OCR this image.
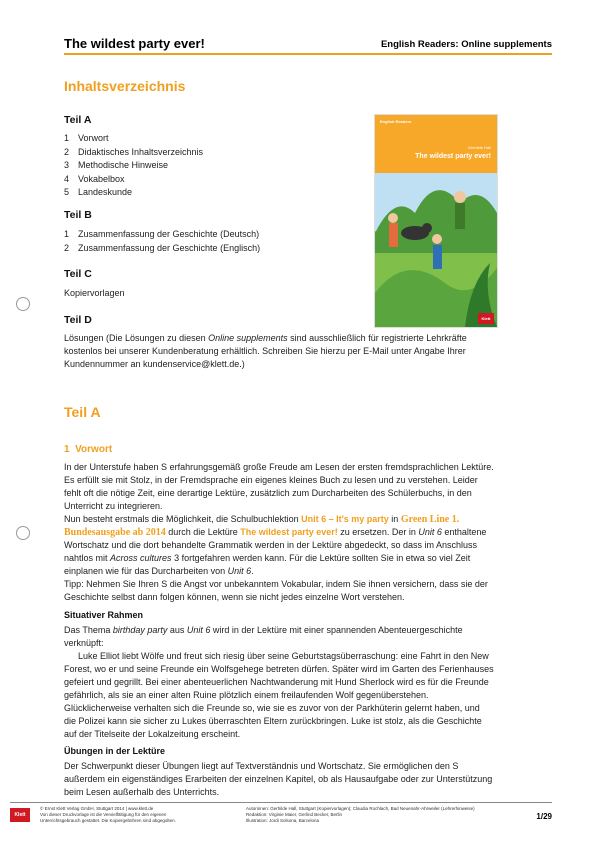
The wildest party ever!	English Readers: Online supplements
Inhaltsverzeichnis
Teil A
1 Vorwort
2 Didaktisches Inhaltsverzeichnis
3 Methodische Hinweise
4 Vokabelbox
5 Landeskunde
Teil B
1 Zusammenfassung der Geschichte (Deutsch)
2 Zusammenfassung der Geschichte (Englisch)
Teil C
Kopiervorlagen
Teil D
Lösungen (Die Lösungen zu diesen Online supplements sind ausschließlich für registrierte Lehrkräfte kostenlos bei unserer Kundenberatung erhältlich. Schreiben Sie hierzu per E-Mail unter Angabe Ihrer Kundennummer an kundenservice@klett.de.)
English Readers
Gerhilde Hall
The wildest party ever!
Klett
Teil A
1 Vorwort
In der Unterstufe haben S erfahrungsgemäß große Freude am Lesen der ersten fremdsprachlichen Lektüre. Es erfüllt sie mit Stolz, in der Fremdsprache ein eigenes kleines Buch zu lesen und zu verstehen. Leider fehlt oft die nötige Zeit, eine derartige Lektüre, zusätzlich zum Durcharbeiten des Schülerbuchs, in den Unterricht zu integrieren.
Nun besteht erstmals die Möglichkeit, die Schulbuchlektion Unit 6 – It's my party in Green Line 1. Bundesausgabe ab 2014 durch die Lektüre The wildest party ever! zu ersetzen. Der in Unit 6 enthaltene Wortschatz und die dort behandelte Grammatik werden in der Lektüre abgedeckt, so dass im Anschluss nahtlos mit Across cultures 3 fortgefahren werden kann. Für die Lektüre sollten Sie in etwa so viel Zeit einplanen wie für das Durcharbeiten von Unit 6.
Tipp: Nehmen Sie Ihren S die Angst vor unbekanntem Vokabular, indem Sie ihnen versichern, dass sie der Geschichte selbst dann folgen können, wenn sie nicht jedes einzelne Wort verstehen.
Situativer Rahmen
Das Thema birthday party aus Unit 6 wird in der Lektüre mit einer spannenden Abenteuergeschichte verknüpft:
Luke Elliot liebt Wölfe und freut sich riesig über seine Geburtstagsüberraschung: eine Fahrt in den New Forest, wo er und seine Freunde ein Wolfsgehege betreten dürfen. Später wird im Garten des Ferienhauses gefeiert und gegrillt. Bei einer abenteuerlichen Nachtwanderung mit Hund Sherlock wird es für die Freunde gefährlich, als sie an einer alten Ruine plötzlich einem freilaufenden Wolf gegenüberstehen. Glücklicherweise verhalten sich die Freunde so, wie sie es zuvor von der Parkhüterin gelernt haben, und die Polizei kann sie sicher zu Lukes überraschten Eltern zurückbringen. Luke ist stolz, als die Geschichte auf der Titelseite der Lokalzeitung erscheint.
Übungen in der Lektüre
Der Schwerpunkt dieser Übungen liegt auf Textverständnis und Wortschatz. Sie ermöglichen den S außerdem ein eigenständiges Erarbeiten der einzelnen Kapitel, ob als Hausaufgabe oder zur Unterstützung beim Lesen außerhalb des Unterrichts.
Klett
© Ernst Klett Verlag GmbH, Stuttgart 2014 | www.klett.de
Von dieser Druckvorlage ist die Vervielfältigung für den eigenen
Unterrichtsgebrauch gestattet. Die Kopiergebühren sind abgegolten.
Autorinnen: Gerhilde Hall, Stuttgart (Kopiervorlagen); Claudia Rochlach, Bad Neuenahr-Ahrweiler (Lehrerhinweise)
Redaktion: Virginie Maier, Gerlind Becker, Berlin
Illustration: Jordi Solsona, Barcelona	1/29
